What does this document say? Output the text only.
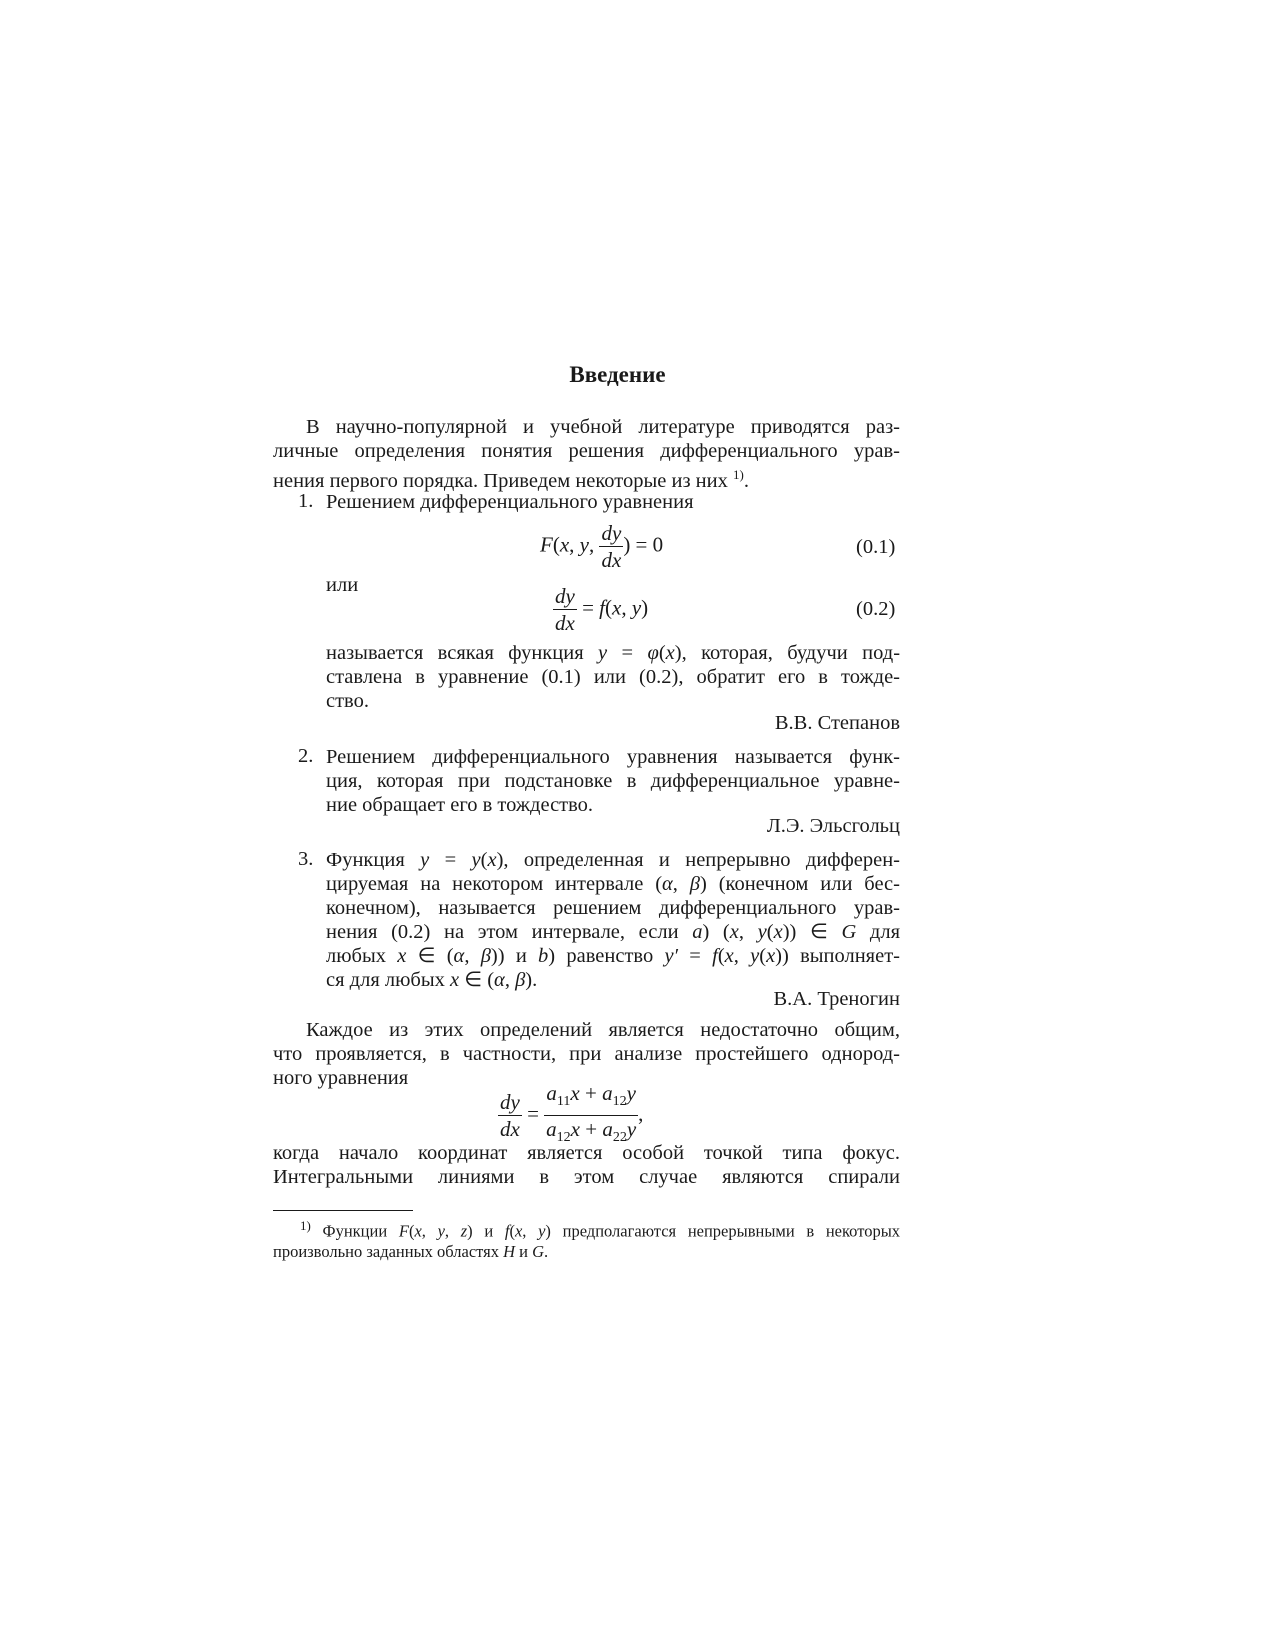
Введение
В научно-популярной и учебной литературе приводятся раз-
личные определения понятия решения дифференциального урав-
нения первого порядка. Приведем некоторые из них $^{1)}$.
1. Решением дифференциального уравнения
F(x, y, $\frac{dy}{dx}$ ) = 0	(0.1)
или	$\frac{dy}{dx} = f(x$, y)	(0.2)
называется всякая функция y = φ(x), которая, будучи под-
ставлена в уравнение (0.1) или (0.2), обратит его в тожде-
ство.
В.В. Степанов
2. Решением дифференциального уравнения называется функ-
ция, которая при подстановке в дифференциальное уравне-
ние обращает его в тождество.
Л.Э. Эльсгольц
3. Функция y = y(x), определенная и непрерывно дифферен-
цируемая на некотором интервале (α, β) (конечном или бес-
конечном), называется решением дифференциального урав-
нения (0.2) на этом интервале, если a) (x, y(x)) ∈ G для
любых x ∈ (α, β)) и b) равенство y′ = f(x, y(x)) выполняет-
ся для любых x ∈ (α, β).
В.А. Треногин
Каждое из этих определений является недостаточно общим,
что проявляется, в частности, при анализе простейшего однород-
ного уравнения
$\frac{dy}{dx} = \frac{a_{11}x + a_{12}y}{a_{12}x + a_{22}y}$ ,
когда начало координат является особой точкой типа фокус.
Интегральными линиями в этом случае являются спирали
$^{1)}$ Функции F(x, y, z) и f(x, y) предполагаются непрерывными в некоторых
произвольно заданных областях H и G.
